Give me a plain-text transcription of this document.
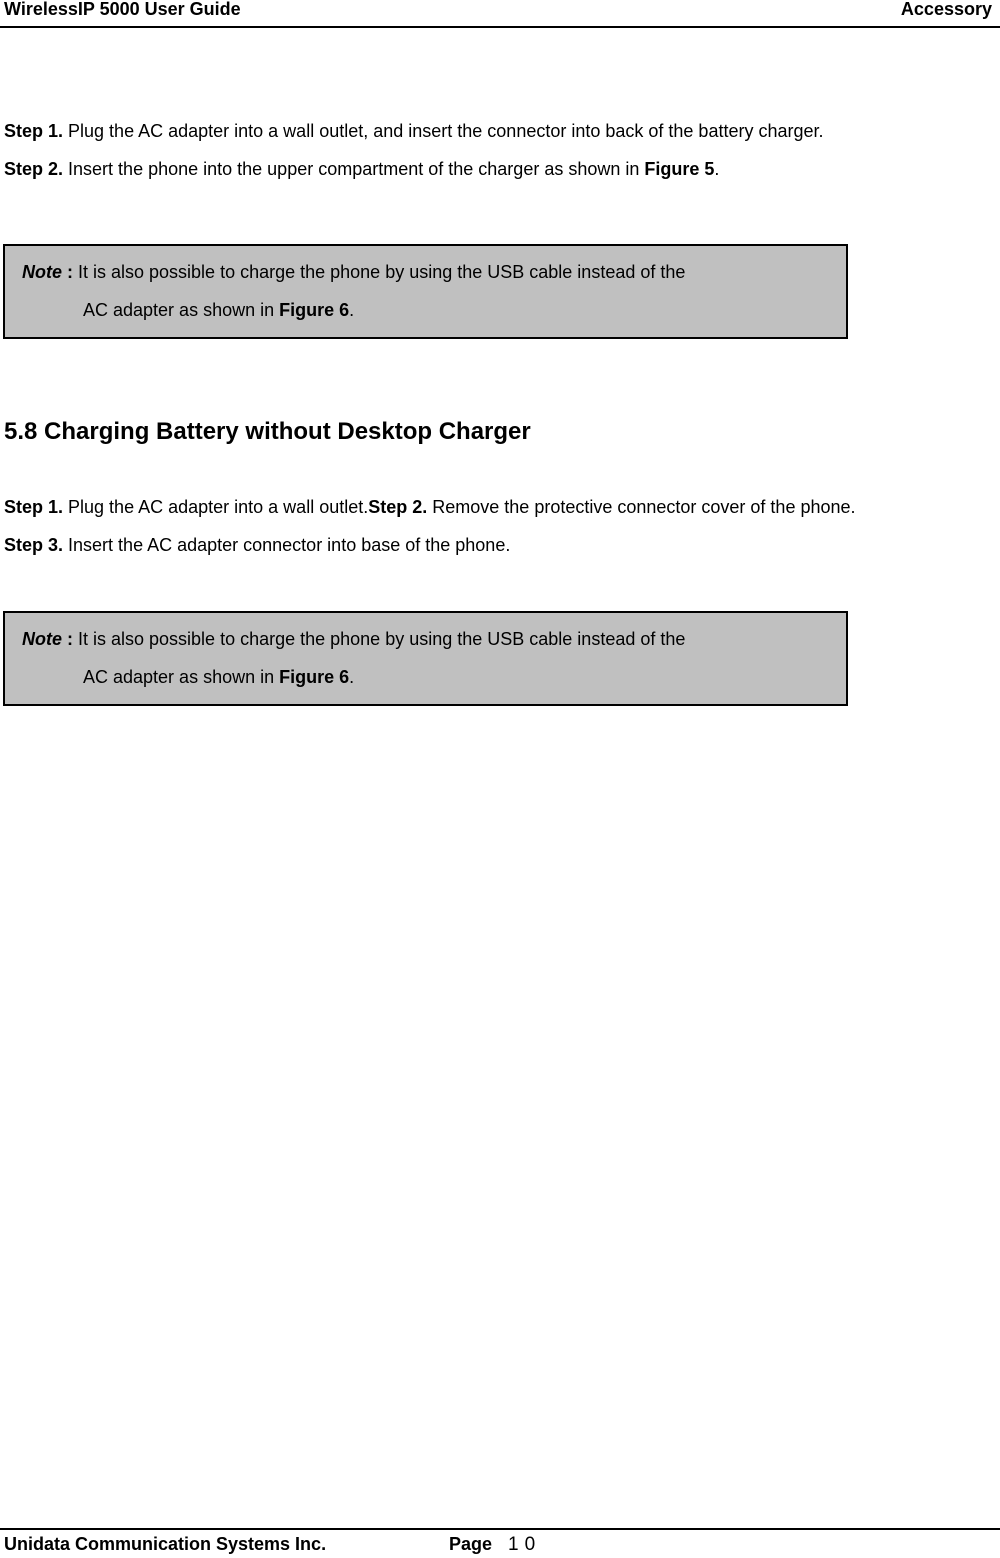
WirelessIP 5000 User Guide	Accessory
Step 1. Plug the AC adapter into a wall outlet, and insert the connector into back of the battery charger.
Step 2. Insert the phone into the upper compartment of the charger as shown in Figure 5.
Note : It is also possible to charge the phone by using the USB cable instead of the
AC adapter as shown in Figure 6.
5.8 Charging Battery without Desktop Charger
Step 1. Plug the AC adapter into a wall outlet.Step 2. Remove the protective connector cover of the phone.
Step 3. Insert the AC adapter connector into base of the phone.
Note : It is also possible to charge the phone by using the USB cable instead of the
AC adapter as shown in Figure 6.
Unidata Communication Systems Inc.	Page 10
